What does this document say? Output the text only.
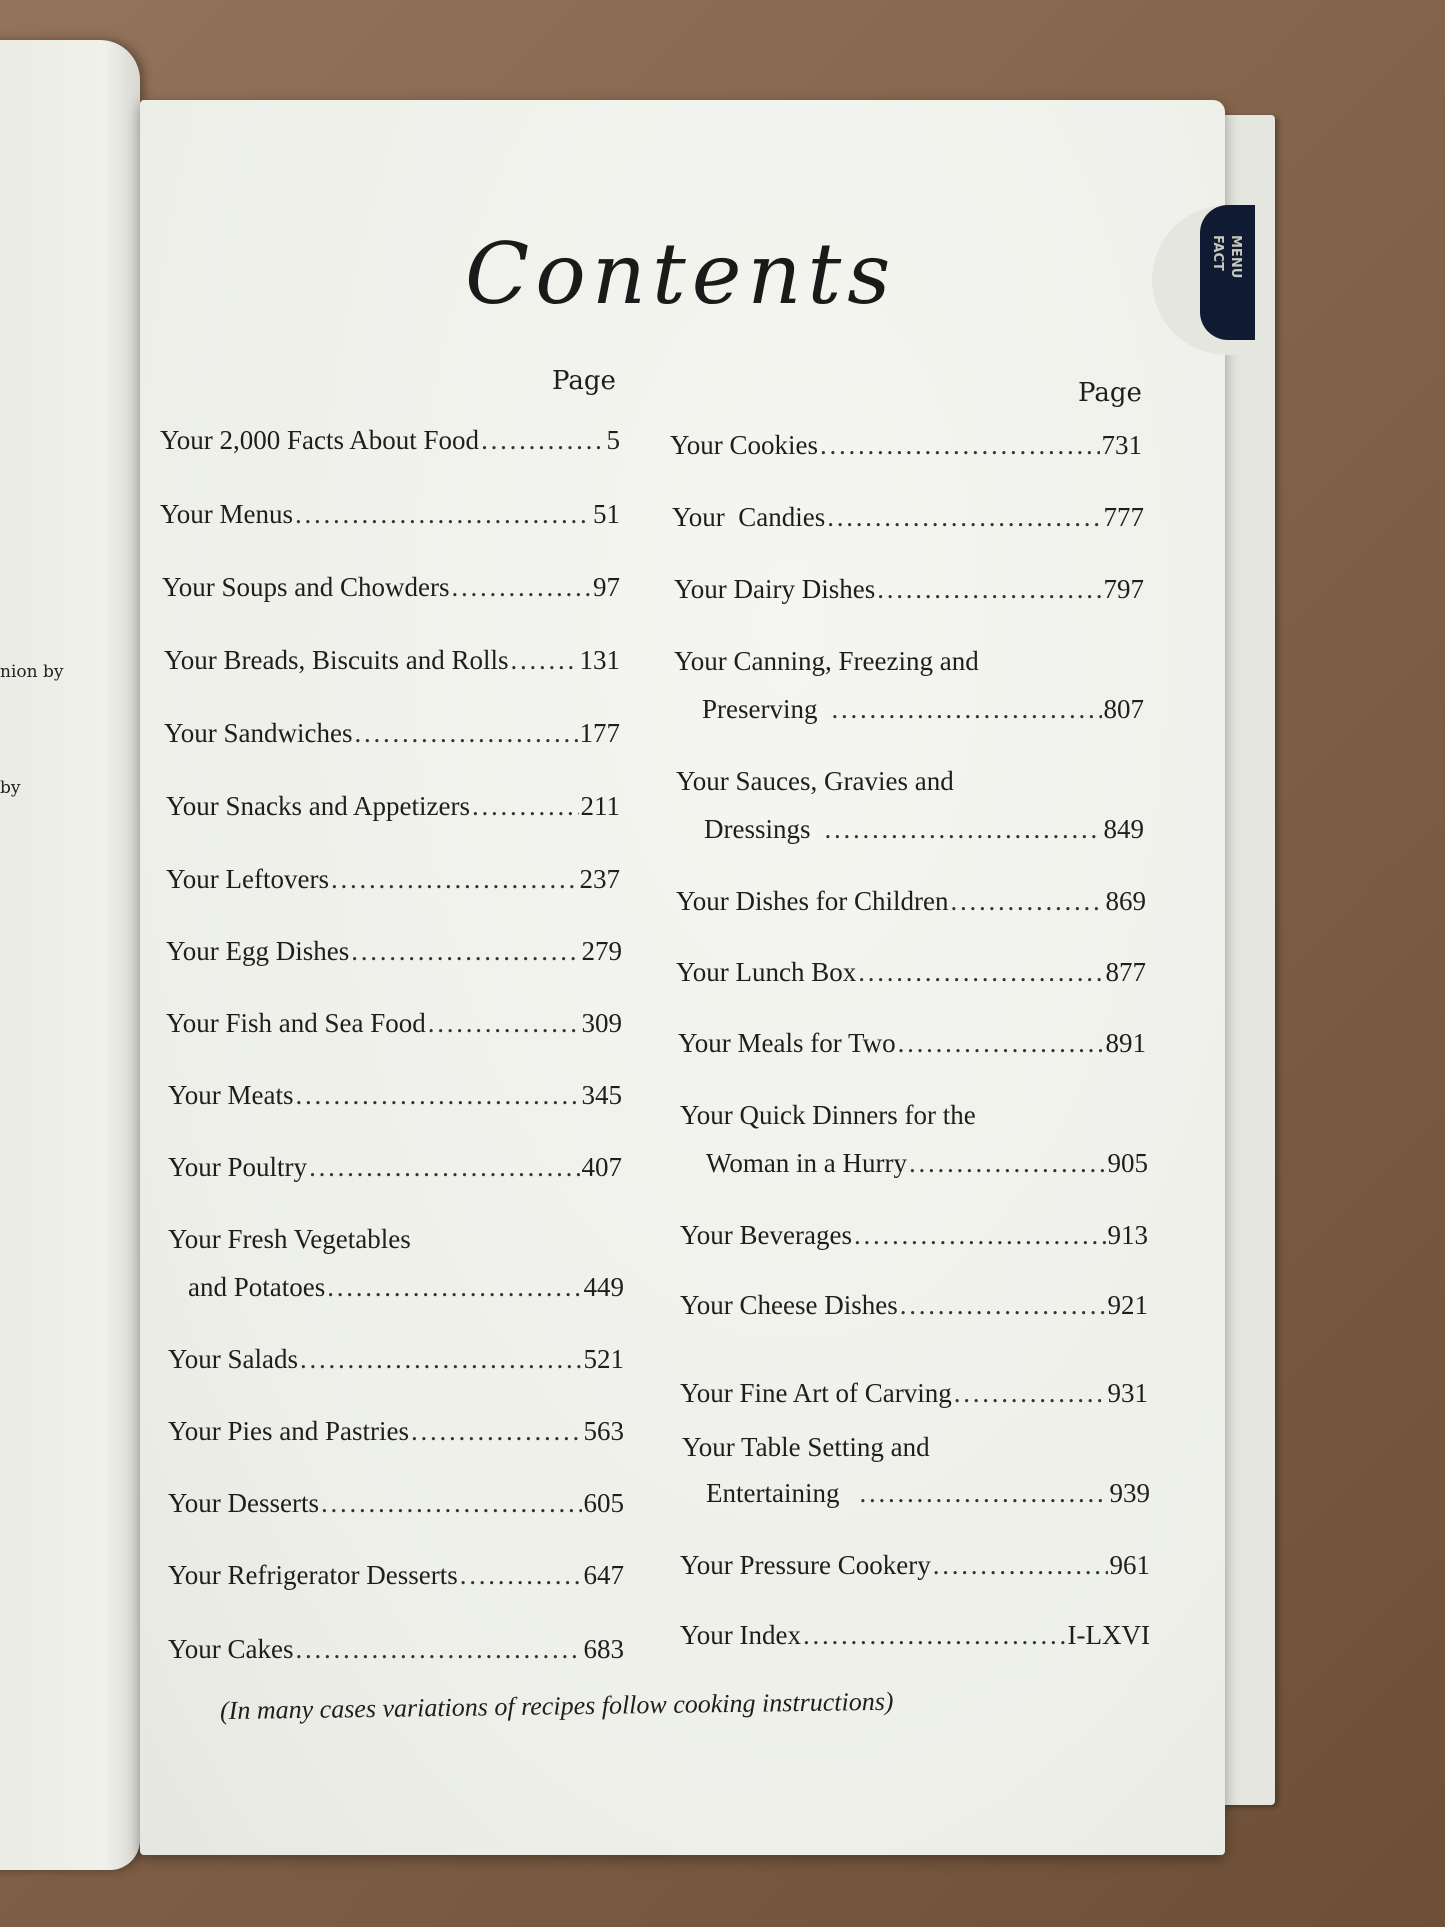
nion by
by
FACT MENU
Contents
Page	Page
Your 2,000 Facts About Food . . .	5
Your Menus . . .	51
Your Soups and Chowders . . .	97
Your Breads, Biscuits and Rolls . . .	131
Your Sandwiches . . .	177
Your Snacks and Appetizers . . .	211
Your Leftovers . . .	237
Your Egg Dishes . . .	279
Your Fish and Sea Food . . .	309
Your Meats . . .	345
Your Poultry . . .	407
Your Fresh Vegetables
and Potatoes . . .	449
Your Salads . . .	521
Your Pies and Pastries . . .	563
Your Desserts . . .	605
Your Refrigerator Desserts . . .	647
Your Cakes . . .	683
Your Cookies . . .	731
Your  Candies . . .	777
Your Dairy Dishes . . .	797
Your Canning, Freezing and
Preserving . . .	807
Your Sauces, Gravies and
Dressings . . .	849
Your Dishes for Children . . .	869
Your Lunch Box . . .	877
Your Meals for Two . . .	891
Your Quick Dinners for the
Woman in a Hurry . . .	905
Your Beverages . . .	913
Your Cheese Dishes . . .	921
Your Fine Art of Carving . . .	931
Your Table Setting and
Entertaining . . .	939
Your Pressure Cookery . . .	961
Your Index . . .	I-LXVI
(In many cases variations of recipes follow cooking instructions)
